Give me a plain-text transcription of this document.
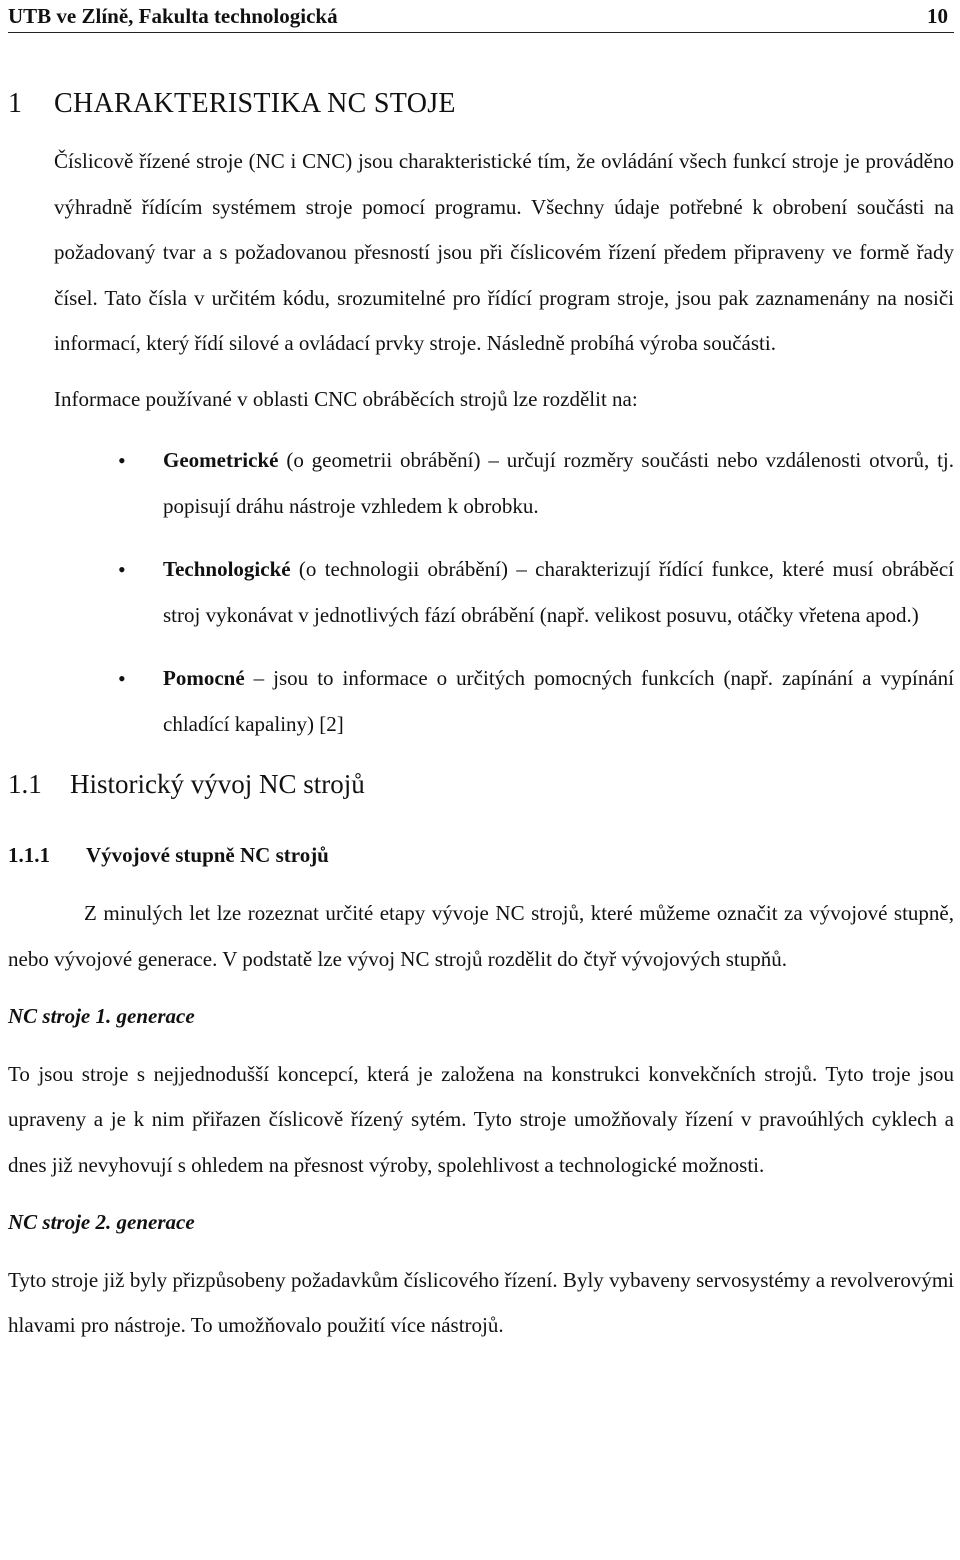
UTB ve Zlíně, Fakulta technologická	10
1 CHARAKTERISTIKA NC STOJE

Číslicově řízené stroje (NC i CNC) jsou charakteristické tím, že ovládání všech funkcí stroje je prováděno výhradně řídícím systémem stroje pomocí programu. Všechny údaje potřebné k obrobení součásti na požadovaný tvar a s požadovanou přesností jsou při číslicovém řízení předem připraveny ve formě řady čísel. Tato čísla v určitém kódu, srozumitelné pro řídící program stroje, jsou pak zaznamenány na nosiči informací, který řídí silové a ovládací prvky stroje. Následně probíhá výroba součásti.

Informace používané v oblasti CNC obráběcích strojů lze rozdělit na:

• Geometrické (o geometrii obrábění) – určují rozměry součásti nebo vzdálenosti otvorů, tj. popisují dráhu nástroje vzhledem k obrobku.
• Technologické (o technologii obrábění) – charakterizují řídící funkce, které musí obráběcí stroj vykonávat v jednotlivých fází obrábění (např. velikost posuvu, otáčky vřetena apod.)
• Pomocné – jsou to informace o určitých pomocných funkcích (např. zapínání a vypínání chladící kapaliny) [2]
1.1 Historický vývoj NC strojů
1.1.1 Vývojové stupně NC strojů

Z minulých let lze rozeznat určité etapy vývoje NC strojů, které můžeme označit za vývojové stupně, nebo vývojové generace. V podstatě lze vývoj NC strojů rozdělit do čtyř vývojových stupňů.

NC stroje 1. generace

To jsou stroje s nejjednodušší koncepcí, která je založena na konstrukci konvekčních strojů. Tyto troje jsou upraveny a je k nim přiřazen číslicově řízený sytém. Tyto stroje umožňovaly řízení v pravoúhlých cyklech a dnes již nevyhovují s ohledem na přesnost výroby, spolehlivost a technologické možnosti.

NC stroje 2. generace

Tyto stroje již byly přizpůsobeny požadavkům číslicového řízení. Byly vybaveny servosystémy a revolverovými hlavami pro nástroje. To umožňovalo použití více nástrojů.
